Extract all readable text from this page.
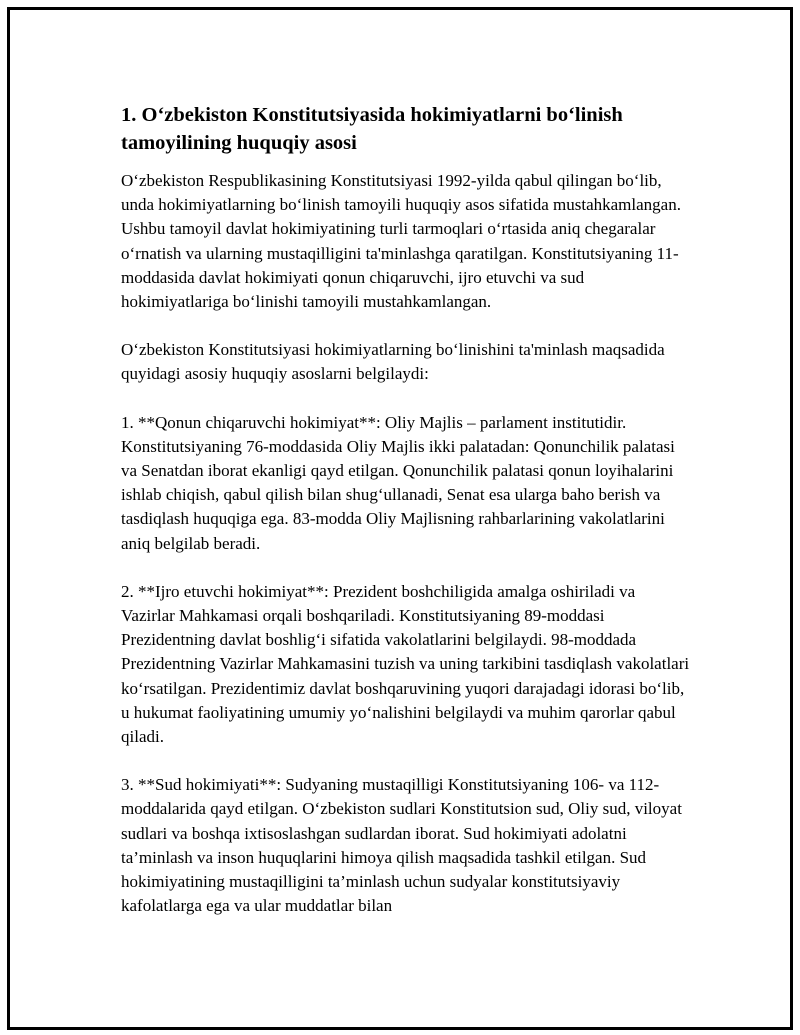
1. O‘zbekiston Konstitutsiyasida hokimiyatlarni bo‘linish tamoyilining huquqiy asosi

O‘zbekiston Respublikasining Konstitutsiyasi 1992-yilda qabul qilingan bo‘lib, unda hokimiyatlarning bo‘linish tamoyili huquqiy asos sifatida mustahkamlangan. Ushbu tamoyil davlat hokimiyatining turli tarmoqlari o‘rtasida aniq chegaralar o‘rnatish va ularning mustaqilligini ta'minlashga qaratilgan. Konstitutsiyaning 11-moddasida davlat hokimiyati qonun chiqaruvchi, ijro etuvchi va sud hokimiyatlariga bo‘linishi tamoyili mustahkamlangan.

O‘zbekiston Konstitutsiyasi hokimiyatlarning bo‘linishini ta'minlash maqsadida quyidagi asosiy huquqiy asoslarni belgilaydi:

1. **Qonun chiqaruvchi hokimiyat**: Oliy Majlis – parlament institutidir. Konstitutsiyaning 76-moddasida Oliy Majlis ikki palatadan: Qonunchilik palatasi va Senatdan iborat ekanligi qayd etilgan. Qonunchilik palatasi qonun loyihalarini ishlab chiqish, qabul qilish bilan shug‘ullanadi, Senat esa ularga baho berish va tasdiqlash huquqiga ega. 83-modda Oliy Majlisning rahbarlarining vakolatlarini aniq belgilab beradi.

2. **Ijro etuvchi hokimiyat**: Prezident boshchiligida amalga oshiriladi va Vazirlar Mahkamasi orqali boshqariladi. Konstitutsiyaning 89-moddasi Prezidentning davlat boshlig‘i sifatida vakolatlarini belgilaydi. 98-moddada Prezidentning Vazirlar Mahkamasini tuzish va uning tarkibini tasdiqlash vakolatlari ko‘rsatilgan. Prezidentimiz davlat boshqaruvining yuqori darajadagi idorasi bo‘lib, u hukumat faoliyatining umumiy yo‘nalishini belgilaydi va muhim qarorlar qabul qiladi.

3. **Sud hokimiyati**: Sudyaning mustaqilligi Konstitutsiyaning 106- va 112-moddalarida qayd etilgan. O‘zbekiston sudlari Konstitutsion sud, Oliy sud, viloyat sudlari va boshqa ixtisoslashgan sudlardan iborat. Sud hokimiyati adolatni ta’minlash va inson huquqlarini himoya qilish maqsadida tashkil etilgan. Sud hokimiyatining mustaqilligini ta’minlash uchun sudyalar konstitutsiyaviy kafolatlarga ega va ular muddatlar bilan
